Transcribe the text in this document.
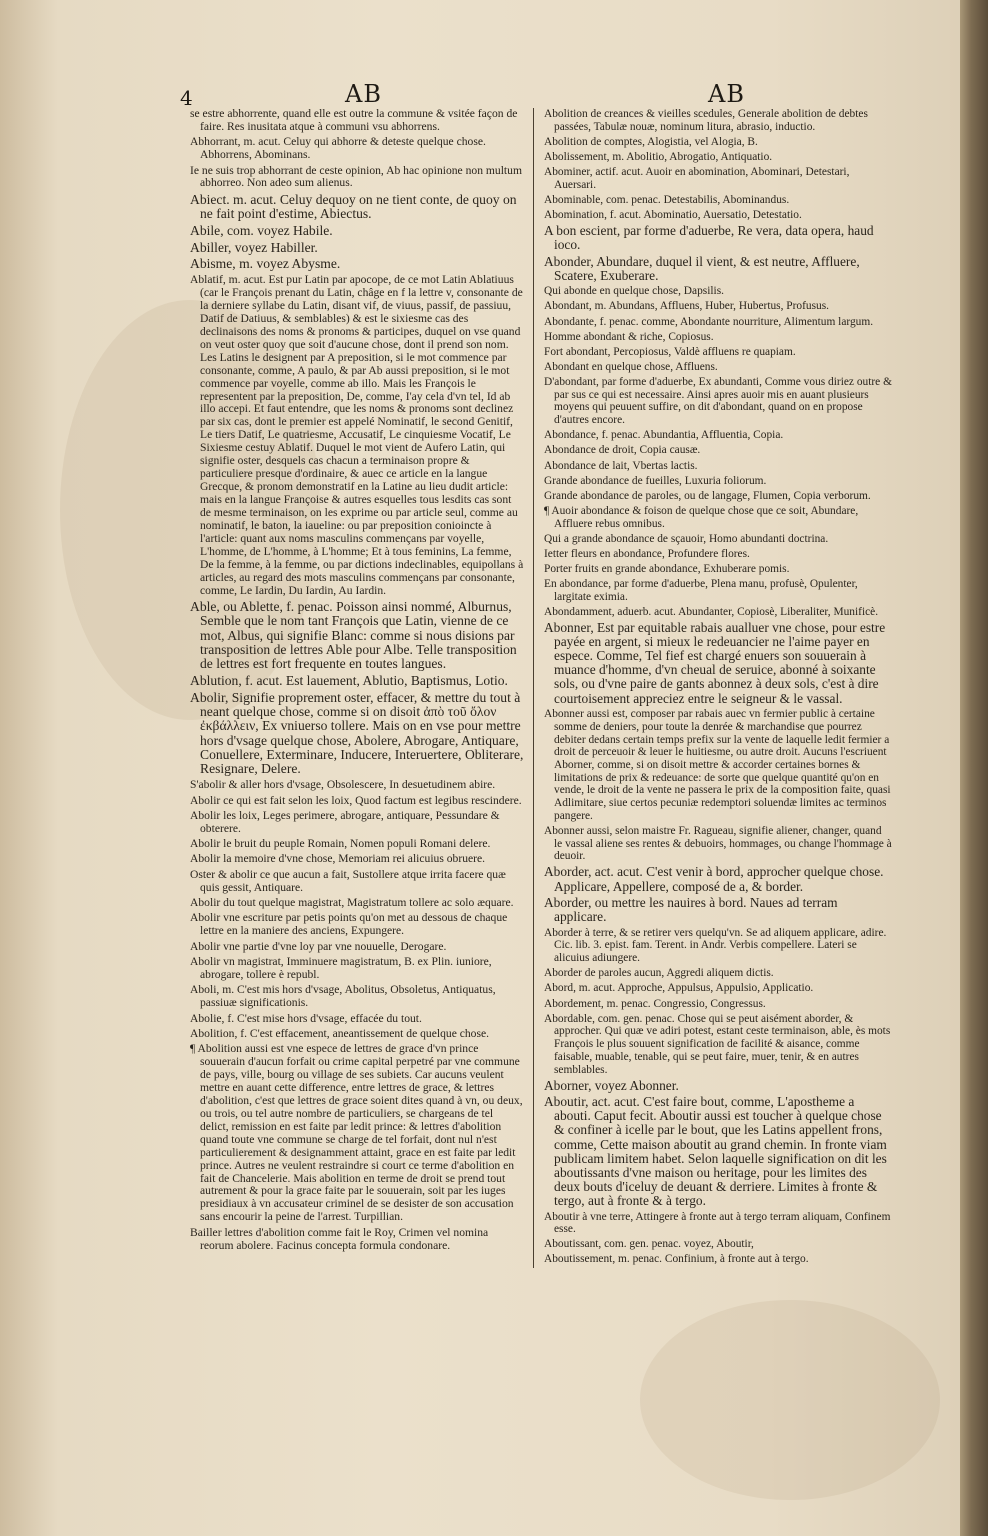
4	AB	AB

se estre abhorrente, quand elle est outre la commune & vsitée façon de faire. Res inusitata atque à communi vsu abhorrens.

Abhorrant, m. acut. Celuy qui abhorre & deteste quelque chose. Abhorrens, Abominans.

Ie ne suis trop abhorrant de ceste opinion, Ab hac opinione non multum abhorreo. Non adeo sum alienus.

Abiect. m. acut. Celuy dequoy on ne tient conte, de quoy on ne fait point d'estime, Abiectus.

Abile, com. voyez Habile.

Abiller, voyez Habiller.

Abisme, m. voyez Abysme.

Ablatif, m. acut. Est pur Latin par apocope, de ce mot Latin Ablatiuus (car le François prenant du Latin, châge en f la lettre v, consonante de la derniere syllabe du Latin, disant vif, de viuus, passif, de passiuu, Datif de Datiuus, & semblables) & est le sixiesme cas des declinaisons des noms & pronoms & participes, duquel on vse quand on veut oster quoy que soit d'aucune chose, dont il prend son nom. Les Latins le designent par A preposition, si le mot commence par consonante, comme, A paulo, & par Ab aussi preposition, si le mot commence par voyelle, comme ab illo. Mais les François le representent par la preposition, De, comme, I'ay cela d'vn tel, Id ab illo accepi. Et faut entendre, que les noms & pronoms sont declinez par six cas, dont le premier est appelé Nominatif, le second Genitif, Le tiers Datif, Le quatriesme, Accusatif, Le cinquiesme Vocatif, Le Sixiesme cestuy Ablatif. Duquel le mot vient de Aufero Latin, qui signifie oster, desquels cas chacun a terminaison propre & particuliere presque d'ordinaire, & auec ce article en la langue Grecque, & pronom demonstratif en la Latine au lieu dudit article: mais en la langue Françoise & autres esquelles tous lesdits cas sont de mesme terminaison, on les exprime ou par article seul, comme au nominatif, le baton, la iaueline: ou par preposition conioincte à l'article: quant aux noms masculins commençans par voyelle, L'homme, de L'homme, à L'homme; Et à tous feminins, La femme, De la femme, à la femme, ou par dictions indeclinables, equipollans à articles, au regard des mots masculins commençans par consonante, comme, Le Iardin, Du Iardin, Au Iardin.

Able, ou Ablette, f. penac. Poisson ainsi nommé, Alburnus, Semble que le nom tant François que Latin, vienne de ce mot, Albus, qui signifie Blanc: comme si nous disions par transposition de lettres Able pour Albe. Telle transposition de lettres est fort frequente en toutes langues.

Ablution, f. acut. Est lauement, Ablutio, Baptismus, Lotio.

Abolir, Signifie proprement oster, effacer, & mettre du tout à neant quelque chose, comme si on disoit ἀπὸ τοῦ ὄλον ἐκβάλλειν, Ex vniuerso tollere. Mais on en vse pour mettre hors d'vsage quelque chose, Abolere, Abrogare, Antiquare, Conuellere, Exterminare, Inducere, Interuertere, Obliterare, Resignare, Delere.

S'abolir & aller hors d'vsage, Obsolescere, In desuetudinem abire.

Abolir ce qui est fait selon les loix, Quod factum est legibus rescindere.

Abolir les loix, Leges perimere, abrogare, antiquare, Pessundare & obterere.

Abolir le bruit du peuple Romain, Nomen populi Romani delere.

Abolir la memoire d'vne chose, Memoriam rei alicuius obruere.

Oster & abolir ce que aucun a fait, Sustollere atque irrita facere quæ quis gessit, Antiquare.

Abolir du tout quelque magistrat, Magistratum tollere ac solo æquare.

Abolir vne escriture par petis points qu'on met au dessous de chaque lettre en la maniere des anciens, Expungere.

Abolir vne partie d'vne loy par vne nouuelle, Derogare.

Abolir vn magistrat, Imminuere magistratum, B. ex Plin. iuniore, abrogare, tollere è republ.

Aboli, m. C'est mis hors d'vsage, Abolitus, Obsoletus, Antiquatus, passiuæ significationis.

Abolie, f. C'est mise hors d'vsage, effacée du tout.

Abolition, f. C'est effacement, aneantissement de quelque chose.

¶ Abolition aussi est vne espece de lettres de grace d'vn prince souuerain d'aucun forfait ou crime capital perpetré par vne commune de pays, ville, bourg ou village de ses subiets. Car aucuns veulent mettre en auant cette difference, entre lettres de grace, & lettres d'abolition, c'est que lettres de grace soient dites quand à vn, ou deux, ou trois, ou tel autre nombre de particuliers, se chargeans de tel delict, remission en est faite par ledit prince: & lettres d'abolition quand toute vne commune se charge de tel forfait, dont nul n'est particulierement & designamment attaint, grace en est faite par ledit prince. Autres ne veulent restraindre si court ce terme d'abolition en fait de Chancelerie. Mais abolition en terme de droit se prend tout autrement & pour la grace faite par le souuerain, soit par les iuges presidiaux à vn accusateur criminel de se desister de son accusation sans encourir la peine de l'arrest. Turpillian.

Bailler lettres d'abolition comme fait le Roy, Crimen vel nomina reorum abolere. Facinus concepta formula condonare.

Abolition de creances & vieilles scedules, Generale abolition de debtes passées, Tabulæ nouæ, nominum litura, abrasio, inductio.

Abolition de comptes, Alogistia, vel Alogia, B.

Abolissement, m. Abolitio, Abrogatio, Antiquatio.

Abominer, actif. acut. Auoir en abomination, Abominari, Detestari, Auersari.

Abominable, com. penac. Detestabilis, Abominandus.

Abomination, f. acut. Abominatio, Auersatio, Detestatio.

A bon escient, par forme d'aduerbe, Re vera, data opera, haud ioco.

Abonder, Abundare, duquel il vient, & est neutre, Affluere, Scatere, Exuberare.

Qui abonde en quelque chose, Dapsilis.

Abondant, m. Abundans, Affluens, Huber, Hubertus, Profusus.

Abondante, f. penac. comme, Abondante nourriture, Alimentum largum.

Homme abondant & riche, Copiosus.

Fort abondant, Percopiosus, Valdè affluens re quapiam.

Abondant en quelque chose, Affluens.

D'abondant, par forme d'aduerbe, Ex abundanti, Comme vous diriez outre & par sus ce qui est necessaire. Ainsi apres auoir mis en auant plusieurs moyens qui peuuent suffire, on dit d'abondant, quand on en propose d'autres encore.

Abondance, f. penac. Abundantia, Affluentia, Copia.

Abondance de droit, Copia causæ.

Abondance de lait, Vbertas lactis.

Grande abondance de fueilles, Luxuria foliorum.

Grande abondance de paroles, ou de langage, Flumen, Copia verborum.

¶ Auoir abondance & foison de quelque chose que ce soit, Abundare, Affluere rebus omnibus.

Qui a grande abondance de sçauoir, Homo abundanti doctrina.

Ietter fleurs en abondance, Profundere flores.

Porter fruits en grande abondance, Exhuberare pomis.

En abondance, par forme d'aduerbe, Plena manu, profusè, Opulenter, largitate eximia.

Abondamment, aduerb. acut. Abundanter, Copiosè, Liberaliter, Munificè.

Abonner, Est par equitable rabais aualluer vne chose, pour estre payée en argent, si mieux le redeuancier ne l'aime payer en espece. Comme, Tel fief est chargé enuers son souuerain à muance d'homme, d'vn cheual de seruice, abonné à soixante sols, ou d'vne paire de gants abonnez à deux sols, c'est à dire courtoisement appreciez entre le seigneur & le vassal.

Abonner aussi est, composer par rabais auec vn fermier public à certaine somme de deniers, pour toute la denrée & marchandise que pourrez debiter dedans certain temps prefix sur la vente de laquelle ledit fermier a droit de perceuoir & leuer le huitiesme, ou autre droit. Aucuns l'escriuent Aborner, comme, si on disoit mettre & accorder certaines bornes & limitations de prix & redeuance: de sorte que quelque quantité qu'on en vende, le droit de la vente ne passera le prix de la composition faite, quasi Adlimitare, siue certos pecuniæ redemptori soluendæ limites ac terminos pangere.

Abonner aussi, selon maistre Fr. Ragueau, signifie aliener, changer, quand le vassal aliene ses rentes & debuoirs, hommages, ou change l'hommage à deuoir.

Aborder, act. acut. C'est venir à bord, approcher quelque chose. Applicare, Appellere, composé de a, & border.

Aborder, ou mettre les nauires à bord. Naues ad terram applicare.

Aborder à terre, & se retirer vers quelqu'vn. Se ad aliquem applicare, adire. Cic. lib. 3. epist. fam. Terent. in Andr. Verbis compellere. Lateri se alicuius adiungere.

Aborder de paroles aucun, Aggredi aliquem dictis.

Abord, m. acut. Approche, Appulsus, Appulsio, Applicatio.

Abordement, m. penac. Congressio, Congressus.

Abordable, com. gen. penac. Chose qui se peut aisément aborder, & approcher. Qui quæ ve adiri potest, estant ceste terminaison, able, ès mots François le plus souuent signification de facilité & aisance, comme faisable, muable, tenable, qui se peut faire, muer, tenir, & en autres semblables.

Aborner, voyez Abonner.

Aboutir, act. acut. C'est faire bout, comme, L'apostheme a abouti. Caput fecit. Aboutir aussi est toucher à quelque chose & confiner à icelle par le bout, que les Latins appellent frons, comme, Cette maison aboutit au grand chemin. In fronte viam publicam limitem habet. Selon laquelle signification on dit les aboutissants d'vne maison ou heritage, pour les limites des deux bouts d'iceluy de deuant & derriere. Limites à fronte & tergo, aut à fronte & à tergo.

Aboutir à vne terre, Attingere à fronte aut à tergo terram aliquam, Confinem esse.

Aboutissant, com. gen. penac. voyez, Aboutir,

Aboutissement, m. penac. Confinium, à fronte aut à tergo.
